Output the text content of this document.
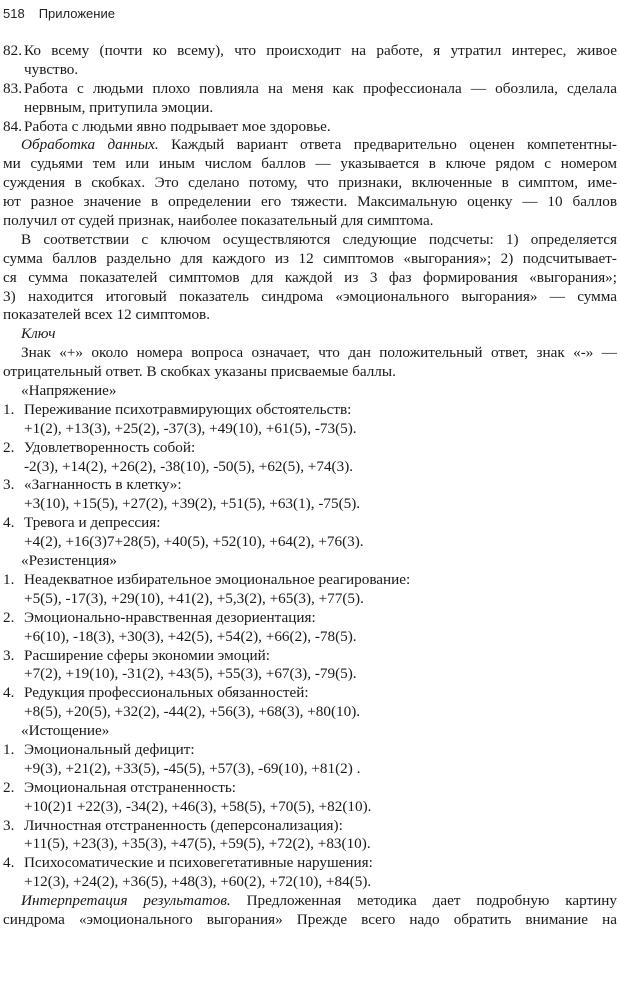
518 Приложение
82. Ко всему (почти ко всему), что происходит на работе, я утратил интерес, живое
чувство.
83. Работа с людьми плохо повлияла на меня как профессионала — обозлила, сделала
нервным, притупила эмоции.
84. Работа с людьми явно подрывает мое здоровье.
Обработка данных. Каждый вариант ответа предварительно оценен компетентны-
ми судьями тем или иным числом баллов — указывается в ключе рядом с номером
суждения в скобках. Это сделано потому, что признаки, включенные в симптом, име-
ют разное значение в определении его тяжести. Максимальную оценку — 10 баллов
получил от судей признак, наиболее показательный для симптома.
В соответствии с ключом осуществляются следующие подсчеты: 1) определяется
сумма баллов раздельно для каждого из 12 симптомов «выгорания»; 2) подсчитывает-
ся сумма показателей симптомов для каждой из 3 фаз формирования «выгорания»;
3) находится итоговый показатель синдрома «эмоционального выгорания» — сумма
показателей всех 12 симптомов.
Ключ
Знак «+» около номера вопроса означает, что дан положительный ответ, знак «-» —
отрицательный ответ. В скобках указаны присваемые баллы.
«Напряжение»
1. Переживание психотравмирующих обстоятельств:
+1(2), +13(3), +25(2), -37(3), +49(10), +61(5), -73(5).
2. Удовлетворенность собой:
-2(3), +14(2), +26(2), -38(10), -50(5), +62(5), +74(3).
3. «Загнанность в клетку»:
+3(10), +15(5), +27(2), +39(2), +51(5), +63(1), -75(5).
4. Тревога и депрессия:
+4(2), +16(3)7+28(5), +40(5), +52(10), +64(2), +76(3).
«Резистенция»
1. Неадекватное избирательное эмоциональное реагирование:
+5(5), -17(3), +29(10), +41(2), +5,3(2), +65(3), +77(5).
2. Эмоционально-нравственная дезориентация:
+6(10), -18(3), +30(3), +42(5), +54(2), +66(2), -78(5).
3. Расширение сферы экономии эмоций:
+7(2), +19(10), -31(2), +43(5), +55(3), +67(3), -79(5).
4. Редукция профессиональных обязанностей:
+8(5), +20(5), +32(2), -44(2), +56(3), +68(3), +80(10).
«Истощение»
1. Эмоциональный дефицит:
+9(3), +21(2), +33(5), -45(5), +57(3), -69(10), +81(2) .
2. Эмоциональная отстраненность:
+10(2)1 +22(3), -34(2), +46(3), +58(5), +70(5), +82(10).
3. Личностная отстраненность (деперсонализация):
+11(5), +23(3), +35(3), +47(5), +59(5), +72(2), +83(10).
4. Психосоматические и психовегетативные нарушения:
+12(3), +24(2), +36(5), +48(3), +60(2), +72(10), +84(5).
Интерпретация результатов. Предложенная методика дает подробную картину
синдрома «эмоционального выгорания» Прежде всего надо обратить внимание на
